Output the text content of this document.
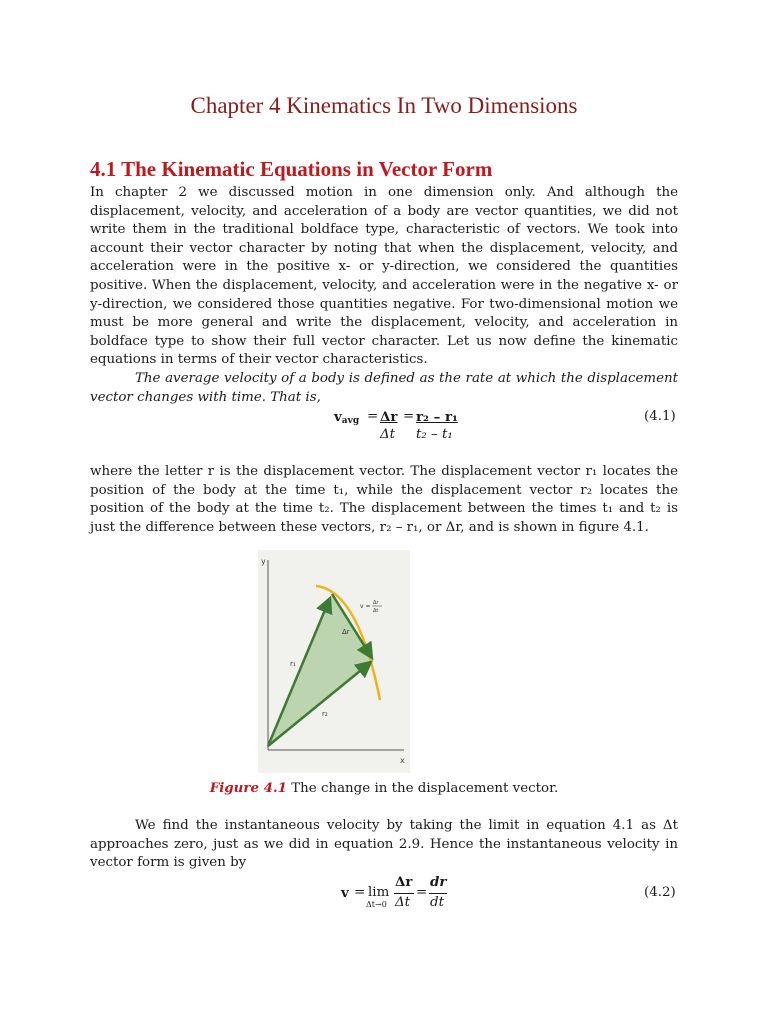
Chapter 4 Kinematics In Two Dimensions
4.1 The Kinematic Equations in Vector Form

In chapter 2 we discussed motion in one dimension only. And although the displacement, velocity, and acceleration of a body are vector quantities, we did not write them in the traditional boldface type, characteristic of vectors. We took into account their vector character by noting that when the displacement, velocity, and acceleration were in the positive x- or y-direction, we considered the quantities positive. When the displacement, velocity, and acceleration were in the negative x- or y-direction, we considered those quantities negative. For two-dimensional motion we must be more general and write the displacement, velocity, and acceleration in boldface type to show their full vector character. Let us now define the kinematic equations in terms of their vector characteristics.

The average velocity of a body is defined as the rate at which the displacement vector changes with time. That is,

vavg = Δr
Δt
= r₂ – r₁
t₂ – t₁
(4.1)

where the letter r is the displacement vector. The displacement vector r₁ locates the position of the body at the time t₁, while the displacement vector r₂ locates the position of the body at the time t₂. The displacement between the times t₁ and t₂ is just the difference between these vectors, r₂ – r₁, or Δr, and is shown in figure 4.1.

y
x
r₁
r₂
Δr
v = Δr
Δt
Figure 4.1 The change in the displacement vector.

We find the instantaneous velocity by taking the limit in equation 4.1 as Δt approaches zero, just as we did in equation 2.9. Hence the instantaneous velocity in vector form is given by

v = lim
Δt→0
Δr
Δt
=
dr
dt
(4.2)
